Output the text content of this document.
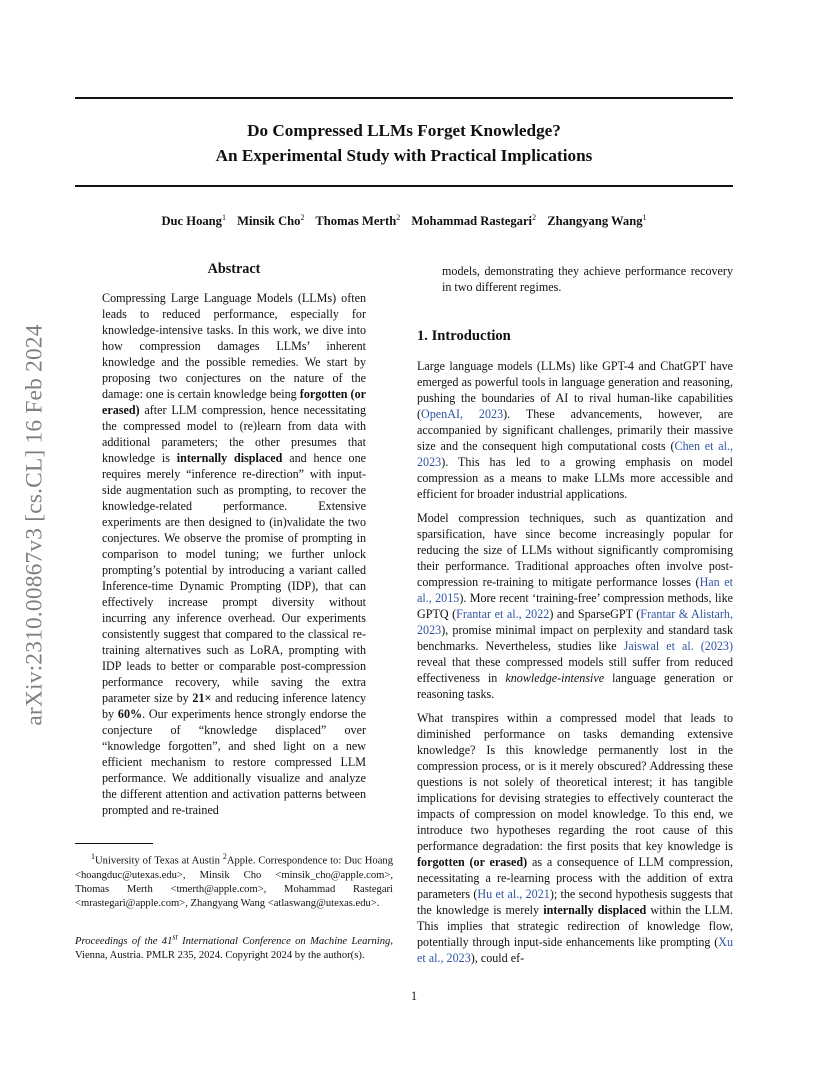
Do Compressed LLMs Forget Knowledge?
An Experimental Study with Practical Implications
Duc Hoang$^1$ Minsik Cho$^2$ Thomas Merth$^2$ Mohammad Rastegari$^2$ Zhangyang Wang$^1$
arXiv:2310.00867v3 [cs.CL] 16 Feb 2024
Abstract

Compressing Large Language Models (LLMs) often leads to reduced performance, especially for knowledge-intensive tasks. In this work, we dive into how compression damages LLMs’ inherent knowledge and the possible remedies. We start by proposing two conjectures on the nature of the damage: one is certain knowledge being forgotten (or erased) after LLM compression, hence necessitating the compressed model to (re)learn from data with additional parameters; the other presumes that knowledge is internally displaced and hence one requires merely “inference re-direction” with input-side augmentation such as prompting, to recover the knowledge-related performance. Extensive experiments are then designed to (in)validate the two conjectures. We observe the promise of prompting in comparison to model tuning; we further unlock prompting’s potential by introducing a variant called Inference-time Dynamic Prompting (IDP), that can effectively increase prompt diversity without incurring any inference overhead. Our experiments consistently suggest that compared to the classical re-training alternatives such as LoRA, prompting with IDP leads to better or comparable post-compression performance recovery, while saving the extra parameter size by 21× and reducing inference latency by 60%. Our experiments hence strongly endorse the conjecture of “knowledge displaced” over “knowledge forgotten”, and shed light on a new efficient mechanism to restore compressed LLM performance. We additionally visualize and analyze the different attention and activation patterns between prompted and re-trained

models, demonstrating they achieve performance recovery in two different regimes.

1. Introduction

Large language models (LLMs) like GPT-4 and ChatGPT have emerged as powerful tools in language generation and reasoning, pushing the boundaries of AI to rival human-like capabilities (OpenAI, 2023). These advancements, however, are accompanied by significant challenges, primarily their massive size and the consequent high computational costs (Chen et al., 2023). This has led to a growing emphasis on model compression as a means to make LLMs more accessible and efficient for broader industrial applications.

Model compression techniques, such as quantization and sparsification, have since become increasingly popular for reducing the size of LLMs without significantly compromising their performance. Traditional approaches often involve post-compression re-training to mitigate performance losses (Han et al., 2015). More recent ‘training-free’ compression methods, like GPTQ (Frantar et al., 2022) and SparseGPT (Frantar & Alistarh, 2023), promise minimal impact on perplexity and standard task benchmarks. Nevertheless, studies like Jaiswal et al. (2023) reveal that these compressed models still suffer from reduced effectiveness in knowledge-intensive language generation or reasoning tasks.

What transpires within a compressed model that leads to diminished performance on tasks demanding extensive knowledge? Is this knowledge permanently lost in the compression process, or is it merely obscured? Addressing these questions is not solely of theoretical interest; it has tangible implications for devising strategies to effectively counteract the impacts of compression on model knowledge. To this end, we introduce two hypotheses regarding the root cause of this performance degradation: the first posits that key knowledge is forgotten (or erased) as a consequence of LLM compression, necessitating a re-learning process with the addition of extra parameters (Hu et al., 2021); the second hypothesis suggests that the knowledge is merely internally displaced within the LLM. This implies that strategic redirection of knowledge flow, potentially through input-side enhancements like prompting (Xu et al., 2023), could ef-

$^1$University of Texas at Austin $^2$Apple. Correspondence to: Duc Hoang <hoangduc@utexas.edu>, Minsik Cho <minsik_cho@apple.com>, Thomas Merth <tmerth@apple.com>, Mohammad Rastegari <mrastegari@apple.com>, Zhangyang Wang <atlaswang@utexas.edu>.

Proceedings of the 41st International Conference on Machine Learning, Vienna, Austria. PMLR 235, 2024. Copyright 2024 by the author(s).

1
